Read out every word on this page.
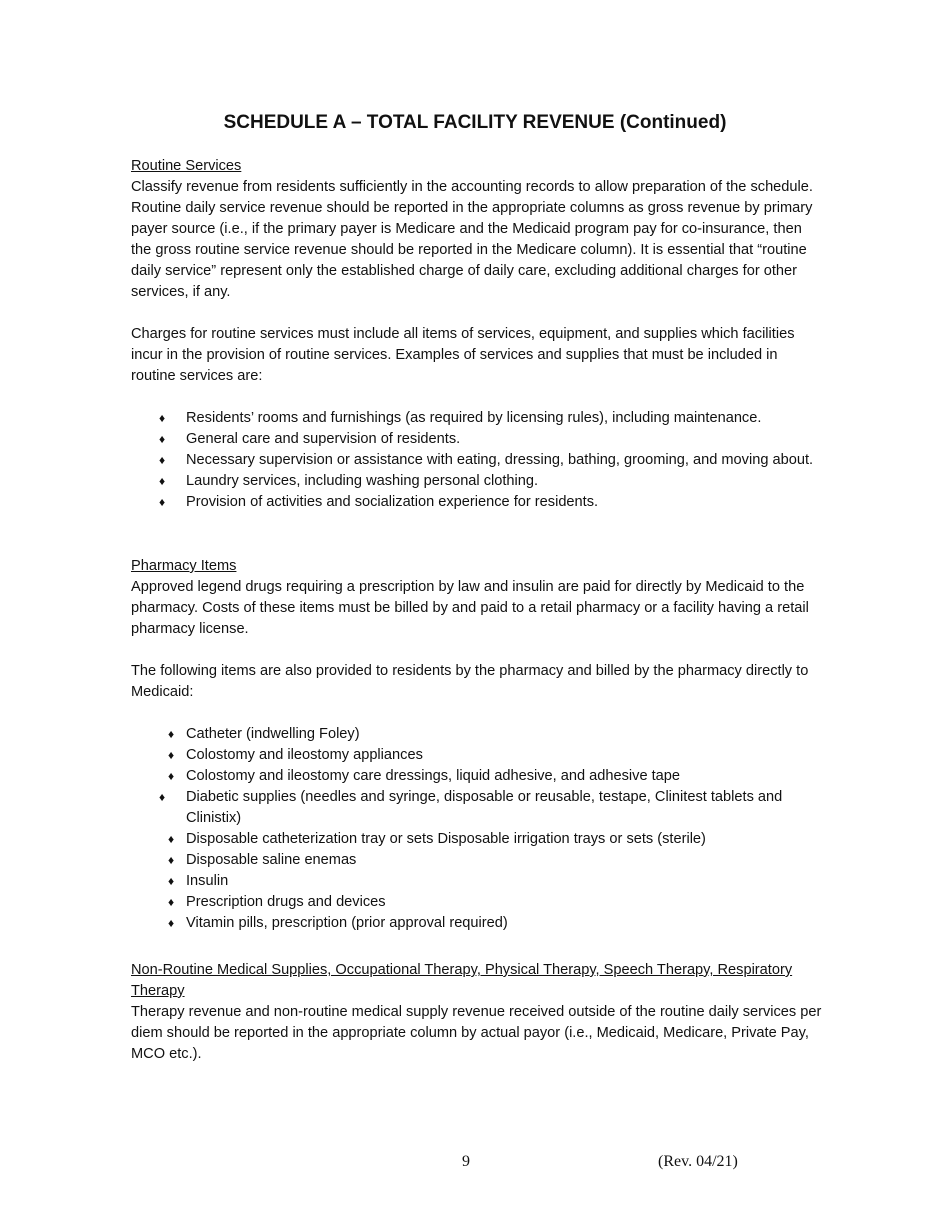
SCHEDULE A – TOTAL FACILITY REVENUE (Continued)
Routine Services

Classify revenue from residents sufficiently in the accounting records to allow preparation of the schedule. Routine daily service revenue should be reported in the appropriate columns as gross revenue by primary payer source (i.e., if the primary payer is Medicare and the Medicaid program pay for co-insurance, then the gross routine service revenue should be reported in the Medicare column). It is essential that “routine daily service” represent only the established charge of daily care, excluding additional charges for other services, if any.

Charges for routine services must include all items of services, equipment, and supplies which facilities incur in the provision of routine services. Examples of services and supplies that must be included in routine services are:

♦ Residents’ rooms and furnishings (as required by licensing rules), including maintenance.
♦ General care and supervision of residents.
♦ Necessary supervision or assistance with eating, dressing, bathing, grooming, and moving about.
♦ Laundry services, including washing personal clothing.
♦ Provision of activities and socialization experience for residents.
Pharmacy Items

Approved legend drugs requiring a prescription by law and insulin are paid for directly by Medicaid to the pharmacy. Costs of these items must be billed by and paid to a retail pharmacy or a facility having a retail pharmacy license.

The following items are also provided to residents by the pharmacy and billed by the pharmacy directly to Medicaid:

♦ Catheter (indwelling Foley)
♦ Colostomy and ileostomy appliances
♦ Colostomy and ileostomy care dressings, liquid adhesive, and adhesive tape
♦ Diabetic supplies (needles and syringe, disposable or reusable, testape, Clinitest tablets and Clinistix)
♦ Disposable catheterization tray or sets Disposable irrigation trays or sets (sterile)
♦ Disposable saline enemas
♦ Insulin
♦ Prescription drugs and devices
♦ Vitamin pills, prescription (prior approval required)
Non-Routine Medical Supplies, Occupational Therapy, Physical Therapy, Speech Therapy, Respiratory Therapy

Therapy revenue and non-routine medical supply revenue received outside of the routine daily services per diem should be reported in the appropriate column by actual payor (i.e., Medicaid, Medicare, Private Pay, MCO etc.).

9	(Rev. 04/21)
